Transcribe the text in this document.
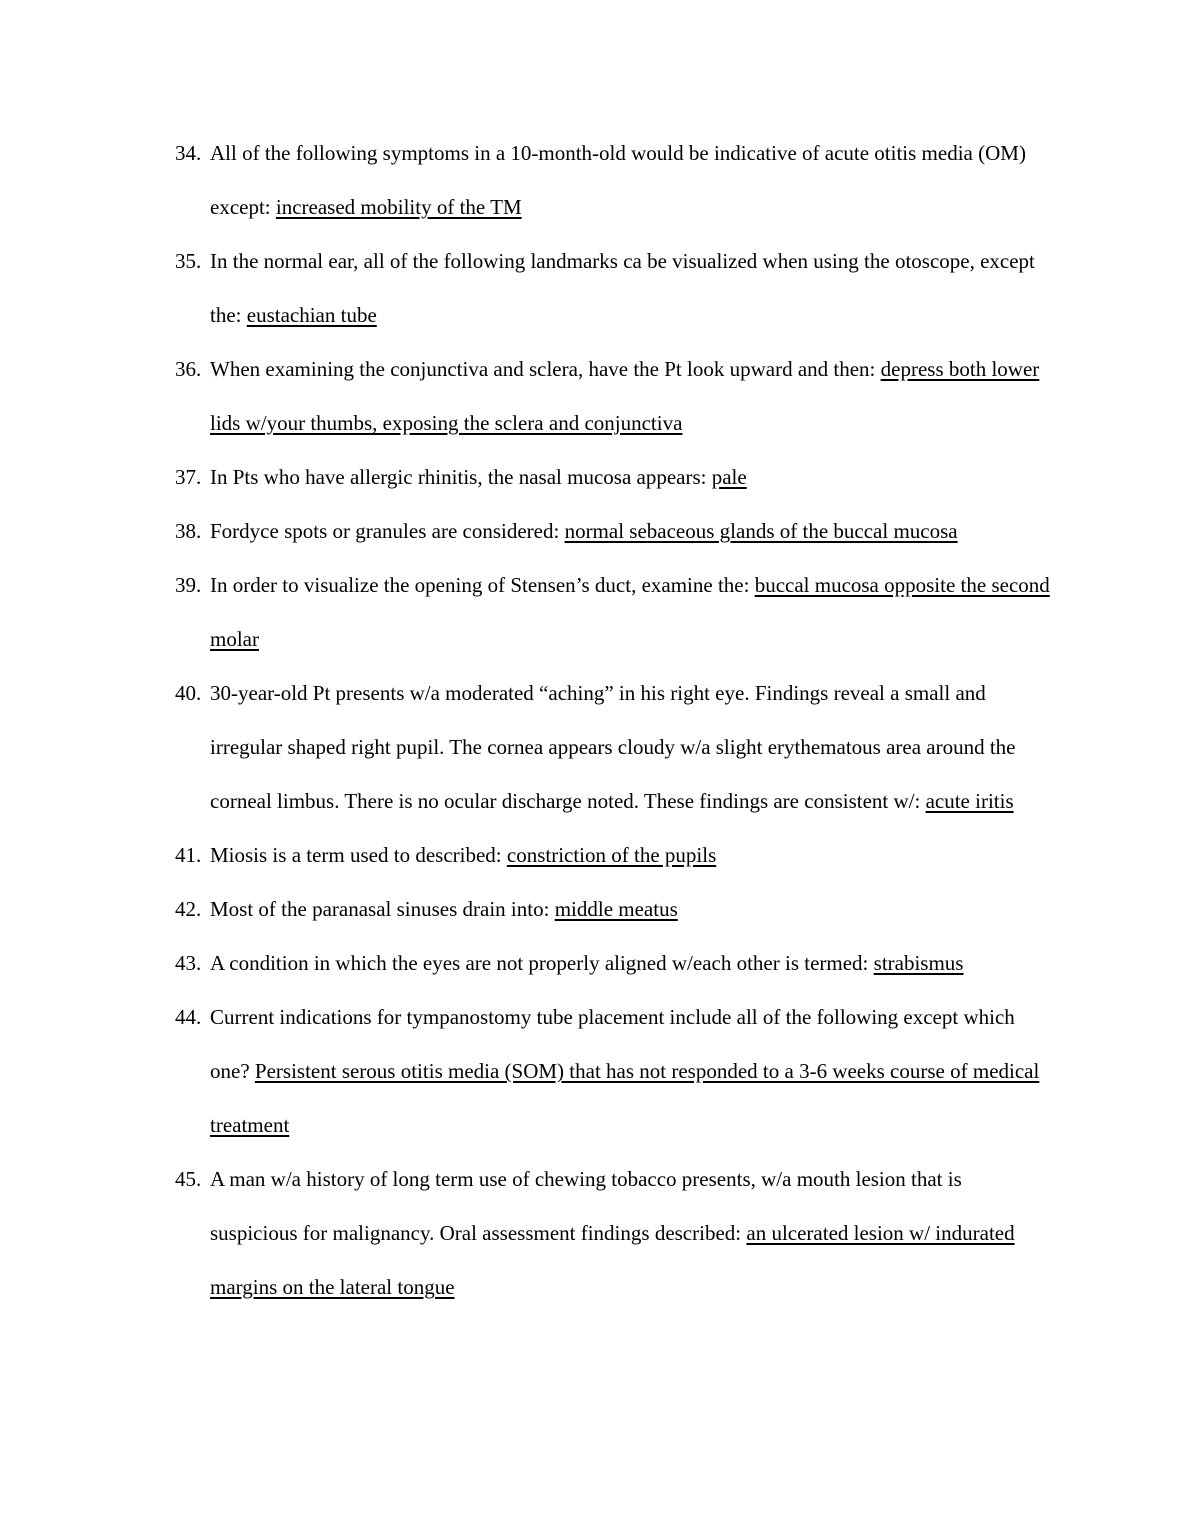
34. All of the following symptoms in a 10-month-old would be indicative of acute otitis media (OM) except: increased mobility of the TM
35. In the normal ear, all of the following landmarks ca be visualized when using the otoscope, except the: eustachian tube
36. When examining the conjunctiva and sclera, have the Pt look upward and then: depress both lower lids w/your thumbs, exposing the sclera and conjunctiva
37. In Pts who have allergic rhinitis, the nasal mucosa appears: pale
38. Fordyce spots or granules are considered: normal sebaceous glands of the buccal mucosa
39. In order to visualize the opening of Stensen’s duct, examine the: buccal mucosa opposite the second molar
40. 30-year-old Pt presents w/a moderated “aching” in his right eye. Findings reveal a small and irregular shaped right pupil. The cornea appears cloudy w/a slight erythematous area around the corneal limbus. There is no ocular discharge noted. These findings are consistent w/: acute iritis
41. Miosis is a term used to described: constriction of the pupils
42. Most of the paranasal sinuses drain into: middle meatus
43. A condition in which the eyes are not properly aligned w/each other is termed: strabismus
44. Current indications for tympanostomy tube placement include all of the following except which one? Persistent serous otitis media (SOM) that has not responded to a 3-6 weeks course of medical treatment
45. A man w/a history of long term use of chewing tobacco presents, w/a mouth lesion that is suspicious for malignancy. Oral assessment findings described: an ulcerated lesion w/ indurated margins on the lateral tongue
